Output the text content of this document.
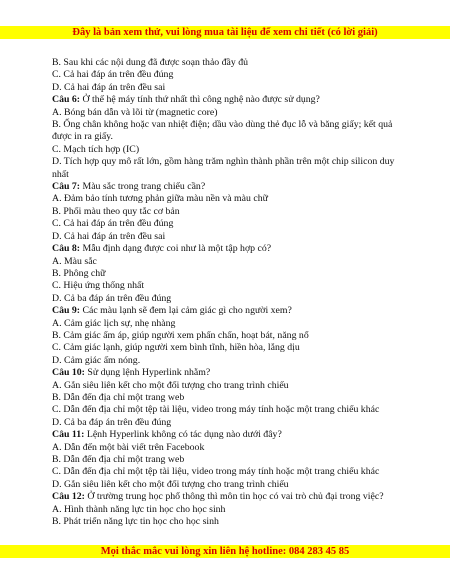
Đây là bản xem thử, vui lòng mua tài liệu để xem chi tiết (có lời giải)
B. Sau khi các nội dung đã được soạn thảo đầy đủ
C. Cả hai đáp án trên đều đúng
D. Cả hai đáp án trên đều sai
Câu 6: Ở thế hệ máy tính thứ nhất thì công nghệ nào được sử dụng?
A. Bóng bán dẫn và lõi từ (magnetic core)
B. Ống chân không hoặc van nhiệt điện; dầu vào dùng thẻ đục lỗ và băng giấy; kết quả được in ra giấy.
C. Mạch tích hợp (IC)
D. Tích hợp quy mô rất lớn, gồm hàng trăm nghìn thành phần trên một chip silicon duy nhất
Câu 7: Màu sắc trong trang chiếu cần?
A. Đảm bảo tính tương phản giữa màu nền và màu chữ
B. Phối màu theo quy tắc cơ bản
C. Cả hai đáp án trên đều đúng
D. Cả hai đáp án trên đều sai
Câu 8: Mẫu định dạng được coi như là một tập hợp có?
A. Màu sắc
B. Phông chữ
C. Hiệu ứng thống nhất
D. Cả ba đáp án trên đều đúng
Câu 9: Các màu lạnh sẽ đem lại cảm giác gì cho người xem?
A. Cảm giác lịch sự, nhẹ nhàng
B. Cảm giác ấm áp, giúp người xem phấn chấn, hoạt bát, năng nổ
C. Cảm giác lạnh, giúp người xem bình tĩnh, hiền hòa, lắng dịu
D. Cảm giác ấm nóng.
Câu 10: Sử dụng lệnh Hyperlink nhằm?
A. Gắn siêu liên kết cho một đối tượng cho trang trình chiếu
B. Dẫn đến địa chỉ một trang web
C. Dẫn đến địa chỉ một tệp tài liệu, video trong máy tính hoặc một trang chiếu khác
D. Cả ba đáp án trên đều đúng
Câu 11: Lệnh Hyperlink không có tác dụng nào dưới đây?
A. Dẫn đến một bài viết trên Facebook
B. Dẫn đến địa chỉ một trang web
C. Dẫn đến địa chỉ một tệp tài liệu, video trong máy tính hoặc một trang chiếu khác
D. Gắn siêu liên kết cho một đối tượng cho trang trình chiếu
Câu 12: Ở trường trung học phổ thông thì môn tin học có vai trò chủ đại trong việc?
A. Hình thành năng lực tin học cho học sinh
B. Phát triển năng lực tin học cho học sinh
Mọi thắc mắc vui lòng xin liên hệ hotline: 084 283 45 85
